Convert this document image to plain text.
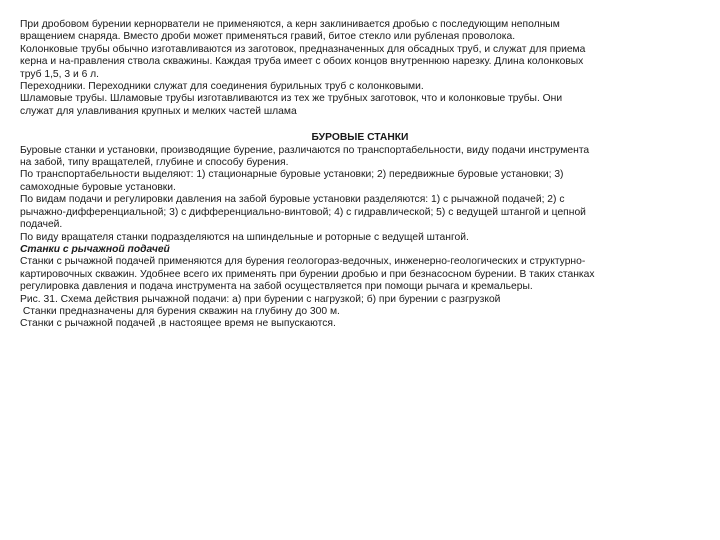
При дробовом бурении кернорватели не применяются, а керн заклинивается дробью с последующим неполным
вращением снаряда. Вместо дроби может применяться гравий, битое стекло или рубленая проволока.
Колонковые трубы обычно изготавливаются из заготовок, предназначенных для обсадных труб, и служат для приема
керна и на-правления ствола скважины. Каждая труба имеет с обоих концов внутреннюю нарезку. Длина колонковых
труб 1,5, 3 и 6 л.
Переходники. Переходники служат для соединения бурильных труб с колонковыми.
Шламовые трубы. Шламовые трубы изготавливаются из тех же трубных заготовок, что и колонковые трубы. Они
служат для улавливания крупных и мелких частей шлама
БУРОВЫЕ СТАНКИ
Буровые станки и установки, производящие бурение, различаются по транспортабельности, виду подачи инструмента
на забой, типу вращателей, глубине и способу бурения.
По транспортабельности выделяют: 1) стационарные буровые установки; 2) передвижные буровые установки; 3)
самоходные буровые установки.
По видам подачи и регулировки давления на забой буровые установки разделяются: 1) с рычажной подачей; 2) с
рычажно-дифференциальной; 3) с дифференциально-винтовой; 4) с гидравлической; 5) с ведущей штангой и цепной
подачей.
По виду вращателя станки подразделяются на шпиндельные и роторные с ведущей штангой.
Станки с рычажной подачей
Станки с рычажной подачей применяются для бурения геологораз-ведочных, инженерно-геологических и структурно-
картировочных скважин. Удобнее всего их применять при бурении дробью и при безнасосном бурении. В таких станках
регулировка давления и подача инструмента на забой осуществляется при помощи рычага и кремальеры.
Рис. 31. Схема действия рычажной подачи: а) при бурении с нагрузкой; б) при бурении с разгрузкой
Станки предназначены для бурения скважин на глубину до 300 м.
Станки с рычажной подачей ,в настоящее время не выпускаются.
